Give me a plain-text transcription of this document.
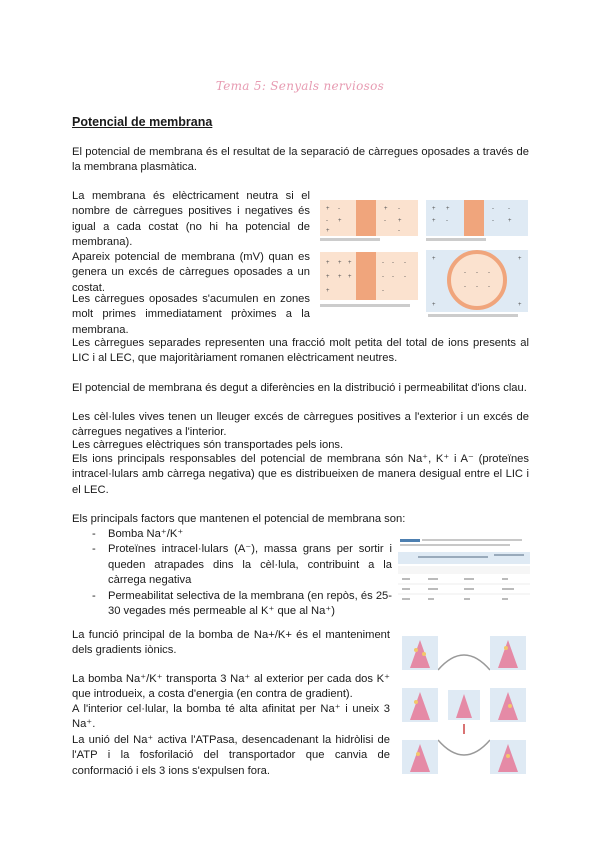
Tema 5: Senyals nerviosos
Potencial de membrana

El potencial de membrana és el resultat de la separació de càrregues oposades a través de la membrana plasmàtica.

La membrana és elèctricament neutra si el nombre de càrregues positives i negatives és igual a cada costat (no hi ha potencial de membrana).

Apareix potencial de membrana (mV) quan es genera un excés de càrregues oposades a un costat.

Les càrregues oposades s'acumulen en zones molt primes immediatament pròximes a la membrana.

Les càrregues separades representen una fracció molt petita del total de ions presents al LIC i al LEC, que majoritàriament romanen elèctricament neutres.

El potencial de membrana és degut a diferències en la distribució i permeabilitat d'ions clau.

Les cèl·lules vives tenen un lleuger excés de càrregues positives a l'exterior i un excés de càrregues negatives a l'interior.

Les càrregues elèctriques són transportades pels ions.

Els ions principals responsables del potencial de membrana són Na⁺, K⁺ i A⁻ (proteïnes intracel·lulars amb càrrega negativa) que es distribueixen de manera desigual entre el LIC i el LEC.

Els principals factors que mantenen el potencial de membrana son:

- Bomba Na⁺/K⁺
- Proteïnes intracel·lulars (A⁻), massa grans per sortir i queden atrapades dins la cèl·lula, contribuint a la càrrega negativa
- Permeabilitat selectiva de la membrana (en repòs, és 25-30 vegades més permeable al K⁺ que al Na⁺)

La funció principal de la bomba de Na+/K+ és el manteniment dels gradients iònics.

La bomba Na⁺/K⁺ transporta 3 Na⁺ al exterior per cada dos K⁺ que introdueix, a costa d'energia (en contra de gradient).

A l'interior cel·lular, la bomba té alta afinitat per Na⁺ i uneix 3 Na⁺.

La unió del Na⁺ activa l'ATPasa, desencadenant la hidròlisi de l'ATP i la fosforilació del transportador que canvia de conformació i els 3 ions s'expulsen fora.

+ -
- +
+ -
- +
+	-
+ +
+ -
- -
- +
+ + +
+ + +
- - -
- - -
+	-
- - -
- - -
+	+
+	+
